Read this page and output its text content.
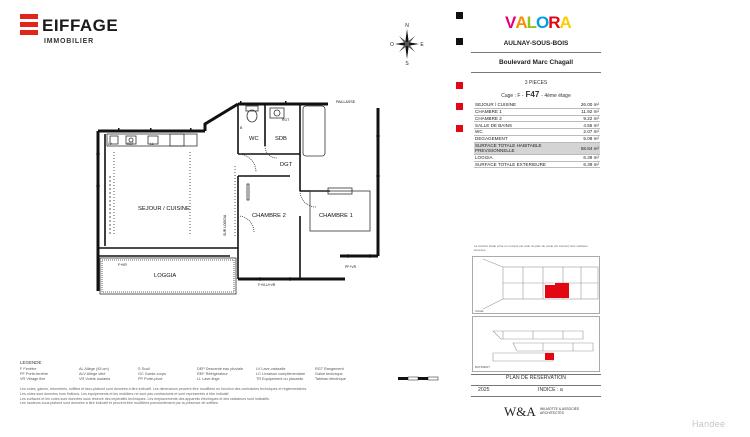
EIFFAGE
IMMOBILIER
N
S
O	E
SEJOUR / CUISINE
CHAMBRE 2	CHAMBRE 1
LOGGIA
WC	SDB
DGT
PAILLASSE
SUR LOGGIA
F+VR
F+VLU+VR
RGT
REF
LV	LL
B
PF+VR
LEGENDE
F Fenêtre	AL Allège (45 cm)	S Sculi	DEP Descente eau pluviale	LV Lave-vaisselle	RGT Rangement
PF Porte-fenêtre	ALV Allège vitré	GC Garde-corps	REF Réfrigérateur	LC Livraison complémentaire	Gaine technique
VR Vitrage fixe	VR Volets roulants	PP Porte-pivot	LL Lave-linge	TR Equipement ou placards	Tableau électrique
Les cotes, gaines, retombées, soffites et faux-plafond sont données à titre indicatif. Les dimensions peuvent être modifiées en fonction des contraintes techniques et réglementaires.
Les côtes sont données hors finitions. Les équipements et les mobiliers ne sont pas contractuels et sont représentés à titre indicatif.
Les surfaces et les cotes sont données sous réserve des impératifs techniques. Les emplacements des appareils électriques et des radiateurs sont indicatifs.
Les hauteurs sous plafond sont données à titre indicatif et peuvent être modifiées ponctuellement par la présence de soffites.
VALORA
AULNAY-SOUS-BOIS
Boulevard Marc Chagall
3 PIECES
Cage : F - F47 - 4ème étage
SEJOUR / CUISINE	26.00 m²
CHAMBRE 1	11.92 m²
CHAMBRE 2	9.22 m²
SALLE DE BAINS	4.55 m²
WC	2.07 m²
DEGAGEMENT	5.08 m²
SURFACE TOTALE HABITABLE PREVISIONNELLE	58.84 m²
LOGGIA	6.39 m²
SURFACE TOTALE EXTERIEURE	6.39 m²
La surface totale prise en compte est celle du plan de vente (loi Carrez) hors surfaces annexes.
CAGE
BATIMENT
PLAN DE RÉSERVATION
2025	INDICE : a
W&A WILMOTTE & ASSOCIÉS ARCHITECTES
Handee
